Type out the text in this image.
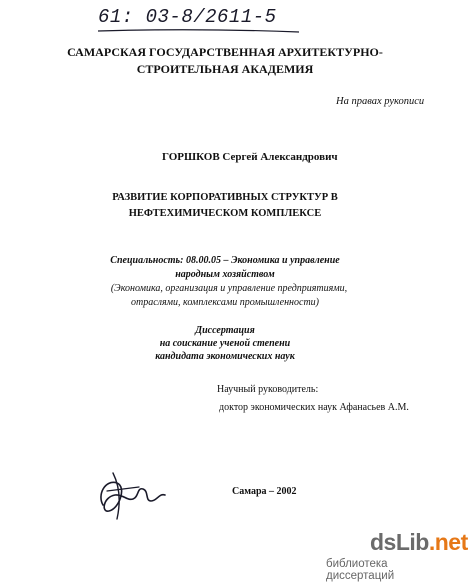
61: 03-8/2611-5

САМАРСКАЯ ГОСУДАРСТВЕННАЯ АРХИТЕКТУРНО-
СТРОИТЕЛЬНАЯ АКАДЕМИЯ

На правах рукописи

ГОРШКОВ Сергей Александрович

РАЗВИТИЕ КОРПОРАТИВНЫХ СТРУКТУР В
НЕФТЕХИМИЧЕСКОМ КОМПЛЕКСЕ
Специальность: 08.00.05 – Экономика и управление
народным хозяйством
(Экономика, организация и управление предприятиями,
отраслями, комплексами промышленности)
Диссертация
на соискание ученой степени
кандидата экономических наук
Научный руководитель:
доктор экономических наук Афанасьев А.М.

Самара – 2002

dsLib.net
библиотека диссертаций
